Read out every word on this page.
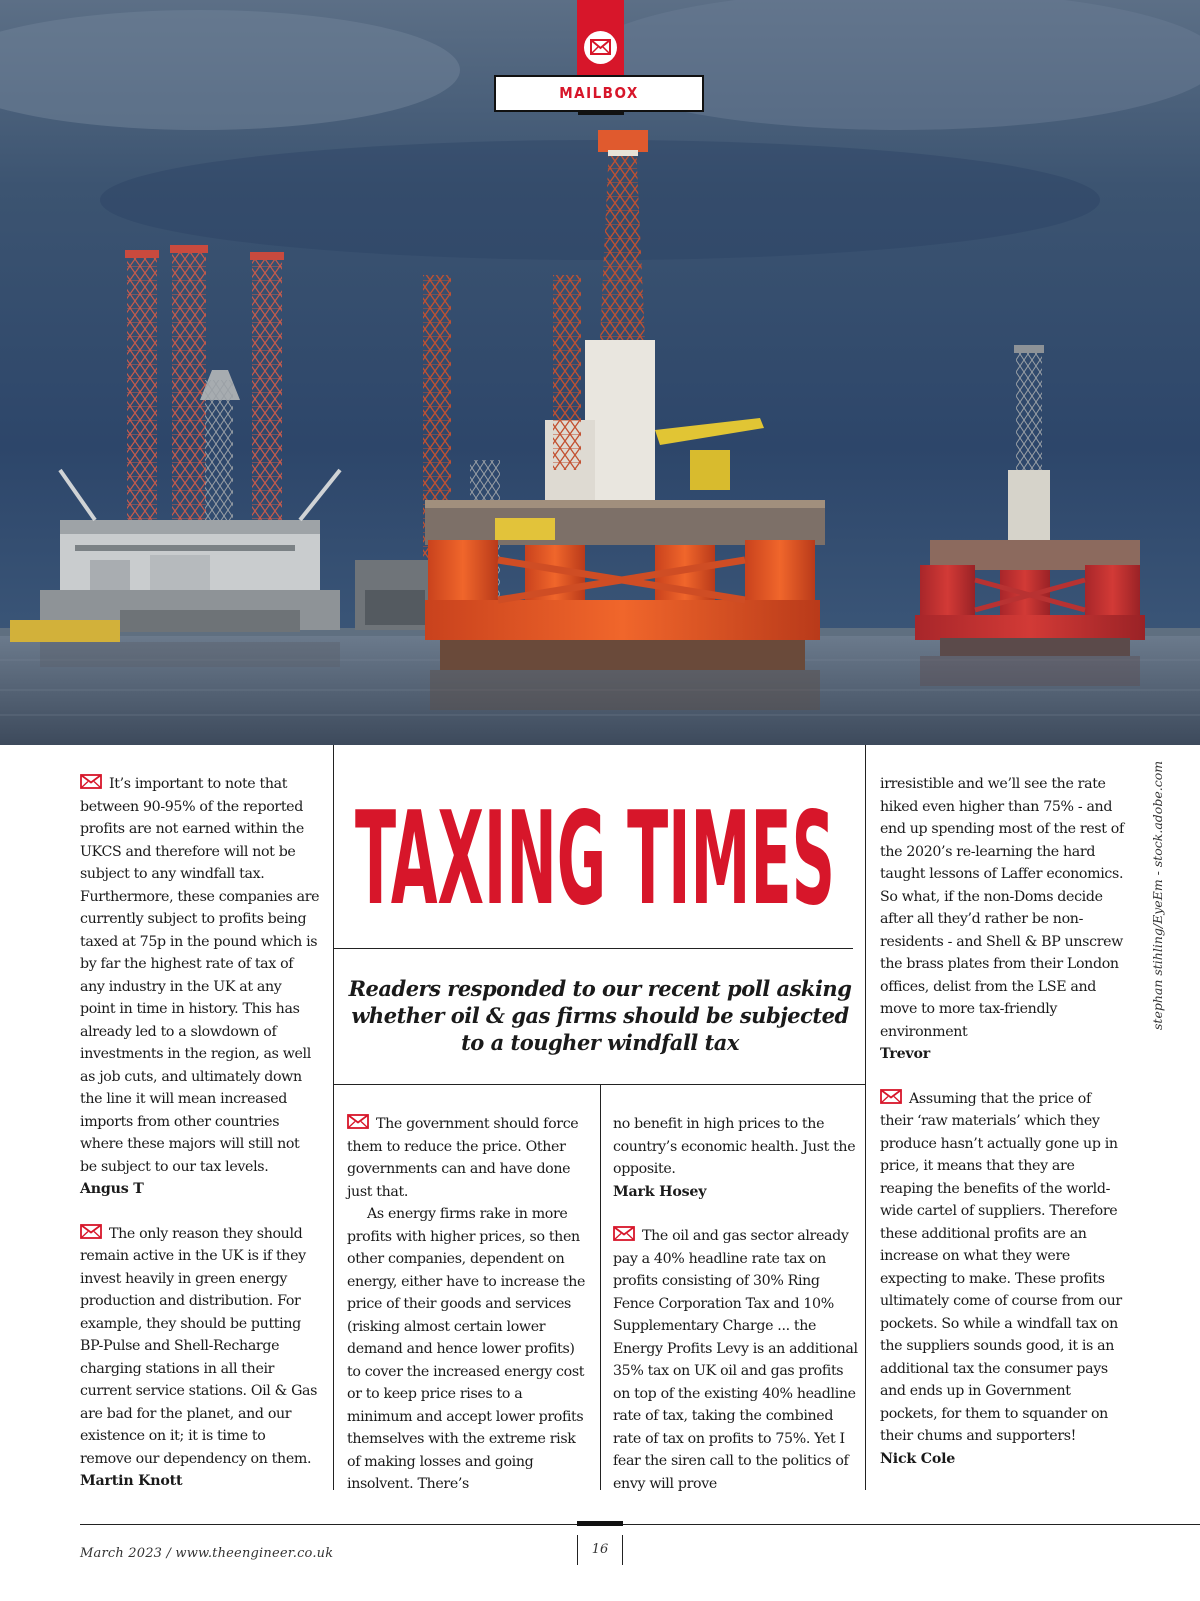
MAILBOX
TAXING TIMES
Readers responded to our recent poll asking whether oil & gas firms should be subjected to a tougher windfall tax

It’s important to note that between 90-95% of the reported profits are not earned within the UKCS and therefore will not be subject to any windfall tax. Furthermore, these companies are currently subject to profits being taxed at 75p in the pound which is by far the highest rate of tax of any industry in the UK at any point in time in history. This has already led to a slowdown of investments in the region, as well as job cuts, and ultimately down the line it will mean increased imports from other countries where these majors will still not be subject to our tax levels.

Angus T

The only reason they should remain active in the UK is if they invest heavily in green energy production and distribution. For example, they should be putting BP-Pulse and Shell-Recharge charging stations in all their current service stations. Oil & Gas are bad for the planet, and our existence on it; it is time to remove our dependency on them.

Martin Knott

The government should force them to reduce the price. Other governments can and have done just that.

As energy firms rake in more profits with higher prices, so then other companies, dependent on energy, either have to increase the price of their goods and services (risking almost certain lower demand and hence lower profits) to cover the increased energy cost or to keep price rises to a minimum and accept lower profits themselves with the extreme risk of making losses and going insolvent. There’s

no benefit in high prices to the country’s economic health. Just the opposite.

Mark Hosey

The oil and gas sector already pay a 40% headline rate tax on profits consisting of 30% Ring Fence Corporation Tax and 10% Supplementary Charge ... the Energy Profits Levy is an additional 35% tax on UK oil and gas profits on top of the existing 40% headline rate of tax, taking the combined rate of tax on profits to 75%. Yet I fear the siren call to the politics of envy will prove

irresistible and we’ll see the rate hiked even higher than 75% - and end up spending most of the rest of the 2020’s re-learning the hard taught lessons of Laffer economics. So what, if the non-Doms decide after all they’d rather be non-residents - and Shell & BP unscrew the brass plates from their London offices, delist from the LSE and move to more tax-friendly environment

Trevor

Assuming that the price of their ‘raw materials’ which they produce hasn’t actually gone up in price, it means that they are reaping the benefits of the world-wide cartel of suppliers. Therefore these additional profits are an increase on what they were expecting to make. These profits ultimately come of course from our pockets. So while a windfall tax on the suppliers sounds good, it is an additional tax the consumer pays and ends up in Government pockets, for them to squander on their chums and supporters!

Nick Cole

stephan stihling/EyeEm - stock.adobe.com
March 2023 / www.theengineer.co.uk	16
